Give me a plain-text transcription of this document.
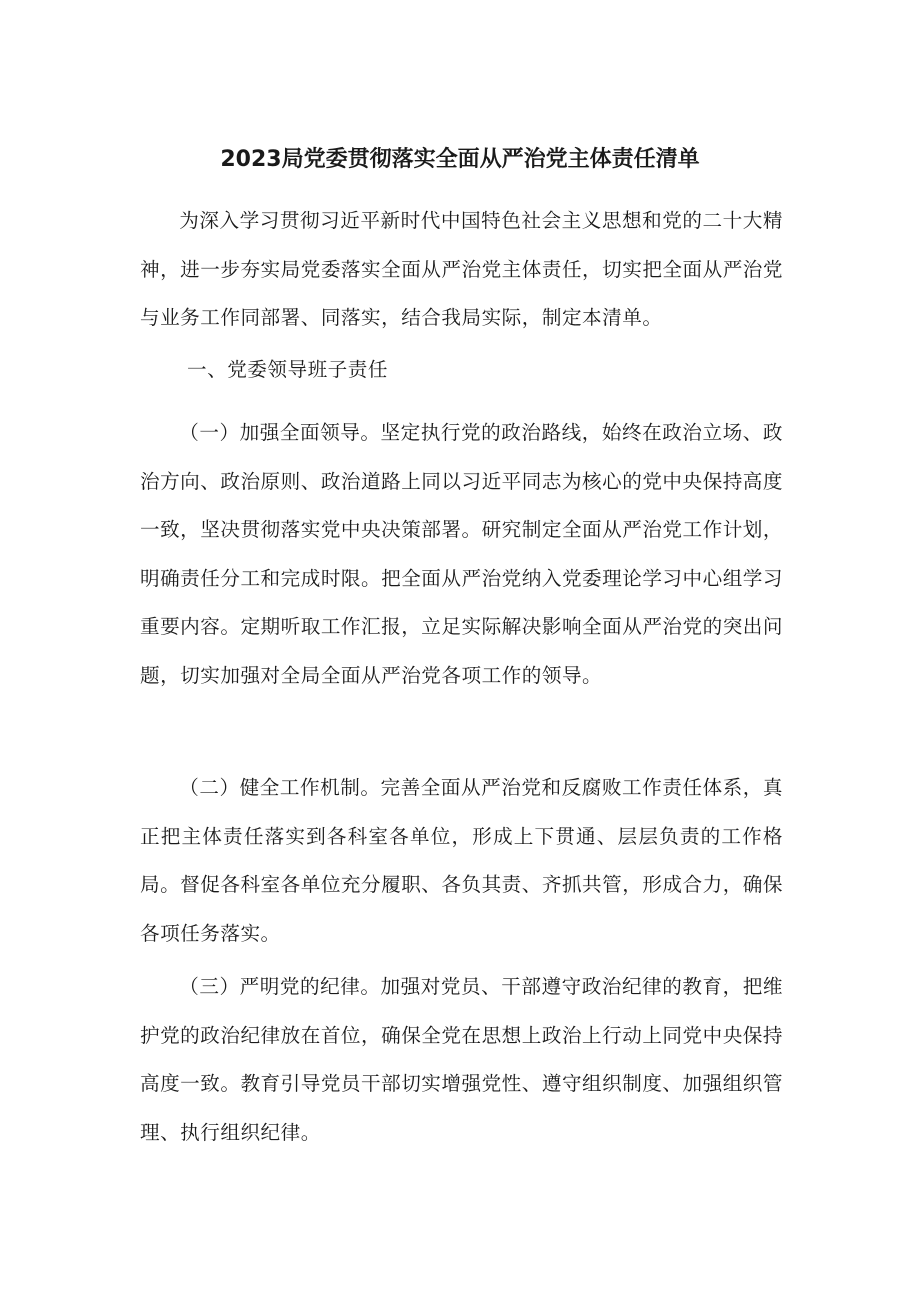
2023局党委贯彻落实全面从严治党主体责任清单

为深入学习贯彻习近平新时代中国特色社会主义思想和党的二十大精神，进一步夯实局党委落实全面从严治党主体责任，切实把全面从严治党与业务工作同部署、同落实，结合我局实际，制定本清单。

一、党委领导班子责任

（一）加强全面领导。坚定执行党的政治路线，始终在政治立场、政治方向、政治原则、政治道路上同以习近平同志为核心的党中央保持高度一致，坚决贯彻落实党中央决策部署。研究制定全面从严治党工作计划，明确责任分工和完成时限。把全面从严治党纳入党委理论学习中心组学习重要内容。定期听取工作汇报，立足实际解决影响全面从严治党的突出问题，切实加强对全局全面从严治党各项工作的领导。

（二）健全工作机制。完善全面从严治党和反腐败工作责任体系，真正把主体责任落实到各科室各单位，形成上下贯通、层层负责的工作格局。督促各科室各单位充分履职、各负其责、齐抓共管，形成合力，确保各项任务落实。

（三）严明党的纪律。加强对党员、干部遵守政治纪律的教育，把维护党的政治纪律放在首位，确保全党在思想上政治上行动上同党中央保持高度一致。教育引导党员干部切实增强党性、遵守组织制度、加强组织管理、执行组织纪律。
